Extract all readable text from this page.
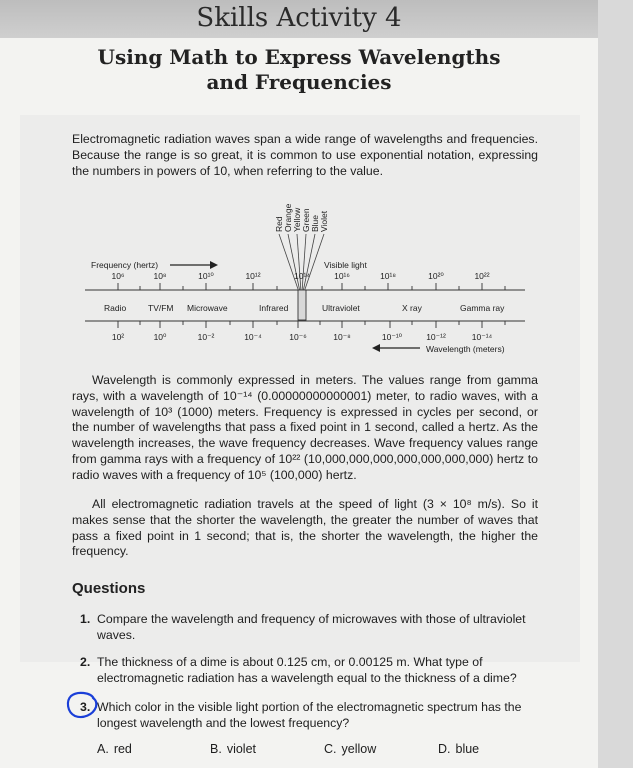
Skills Activity 4
Using Math to Express Wavelengths
and Frequencies
Electromagnetic radiation waves span a wide range of wavelengths and frequencies. Because the range is so great, it is common to use exponential notation, expressing the numbers in powers of 10, when referring to the value.
Red Orange Yellow Green Blue Violet
Frequency (hertz)	Visible light
10⁶	10⁸	10¹⁰	10¹²	10¹⁴	10¹⁶	10¹⁸	10²⁰	10²²
Radio	TV/FM Microwave	Infrared	Ultraviolet	X ray	Gamma ray
10²	10⁰	10⁻²	10⁻⁴	10⁻⁶	10⁻⁸	10⁻¹⁰	10⁻¹²	10⁻¹⁴
Wavelength (meters)
Wavelength is commonly expressed in meters. The values range from gamma rays, with a wavelength of 10⁻¹⁴ (0.00000000000001) meter, to radio waves, with a wavelength of 10³ (1000) meters. Frequency is expressed in cycles per second, or the number of wavelengths that pass a fixed point in 1 second, called a hertz. As the wavelength increases, the wave frequency decreases. Wave frequency values range from gamma rays with a frequency of 10²² (10,000,000,000,000,000,000,000) hertz to radio waves with a frequency of 10⁵ (100,000) hertz.
All electromagnetic radiation travels at the speed of light (3 × 10⁸ m/s). So it makes sense that the shorter the wavelength, the greater the number of waves that pass a fixed point in 1 second; that is, the shorter the wavelength, the higher the frequency.
Questions
1. Compare the wavelength and frequency of microwaves with those of ultraviolet waves.
2. The thickness of a dime is about 0.125 cm, or 0.00125 m. What type of electromagnetic radiation has a wavelength equal to the thickness of a dime?
3. Which color in the visible light portion of the electromagnetic spectrum has the longest wavelength and the lowest frequency?
A. red	B. violet	C. yellow	D. blue
